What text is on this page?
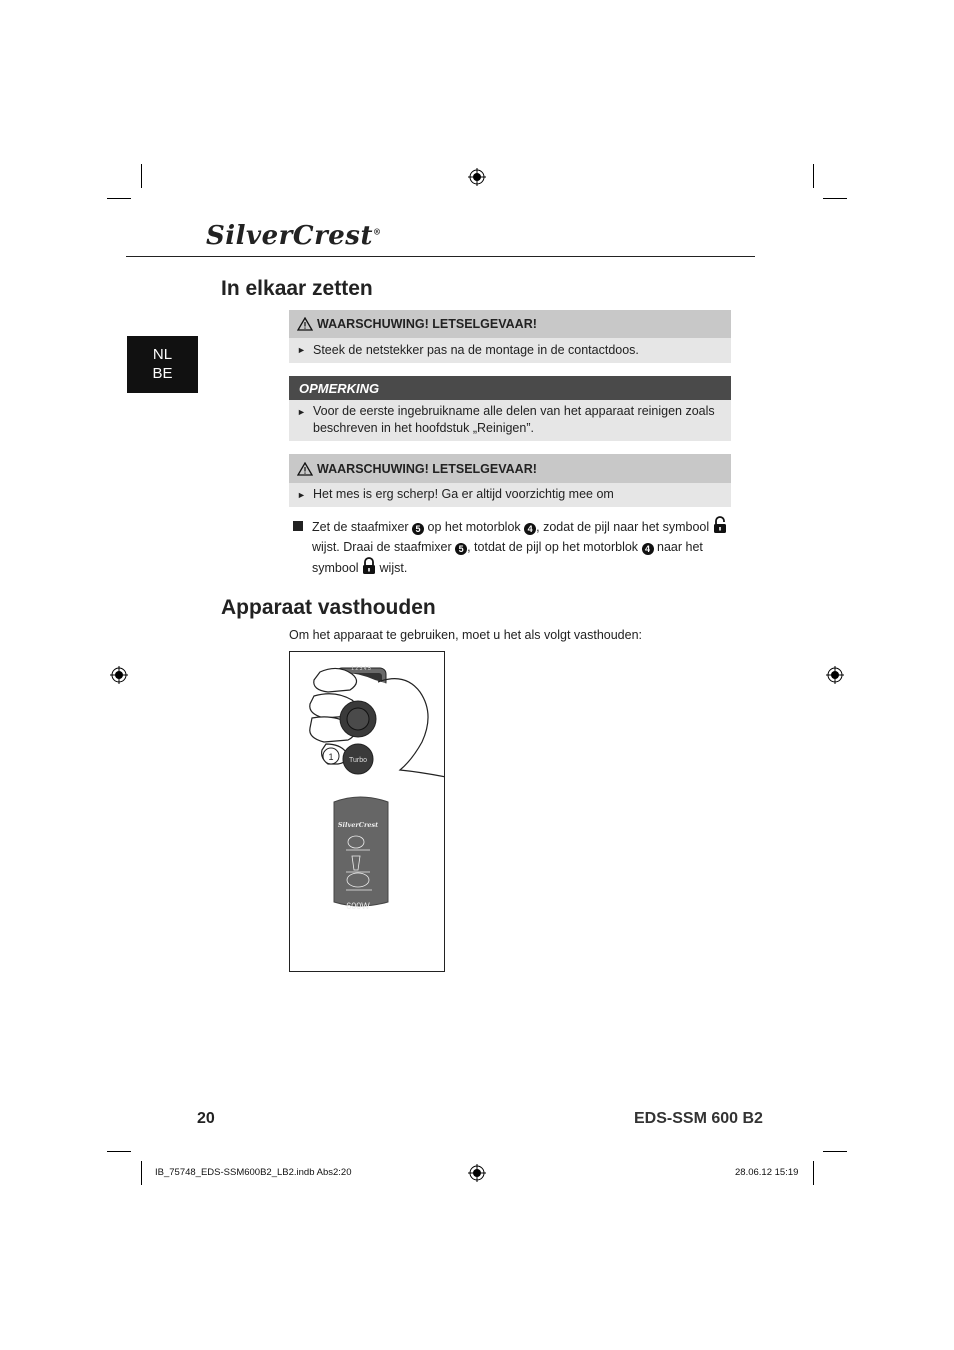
SilverCrest®
NL
BE
In elkaar zetten
WAARSCHUWING! LETSELGEVAAR!
► Steek de netstekker pas na de montage in de contactdoos.
OPMERKING
► Voor de eerste ingebruikname alle delen van het apparaat reinigen zoals beschreven in het hoofdstuk „Reinigen”.
WAARSCHUWING! LETSELGEVAAR!
► Het mes is erg scherp! Ga er altijd voorzichtig mee om
Zet de staafmixer 5 op het motorblok 4 , zodat de pijl naar het symbool  wijst. Draai de staafmixer 5 , totdat de pijl op het motorblok 4 naar het symbool wijst.
Apparaat vasthouden
Om het apparaat te gebruiken, moet u het als volgt vasthouden:
1 2 3 4 5
Turbo
1
SilverCrest
600W
20	EDS-SSM 600 B2
IB_75748_EDS-SSM600B2_LB2.indb Abs2:20	28.06.12 15:19
